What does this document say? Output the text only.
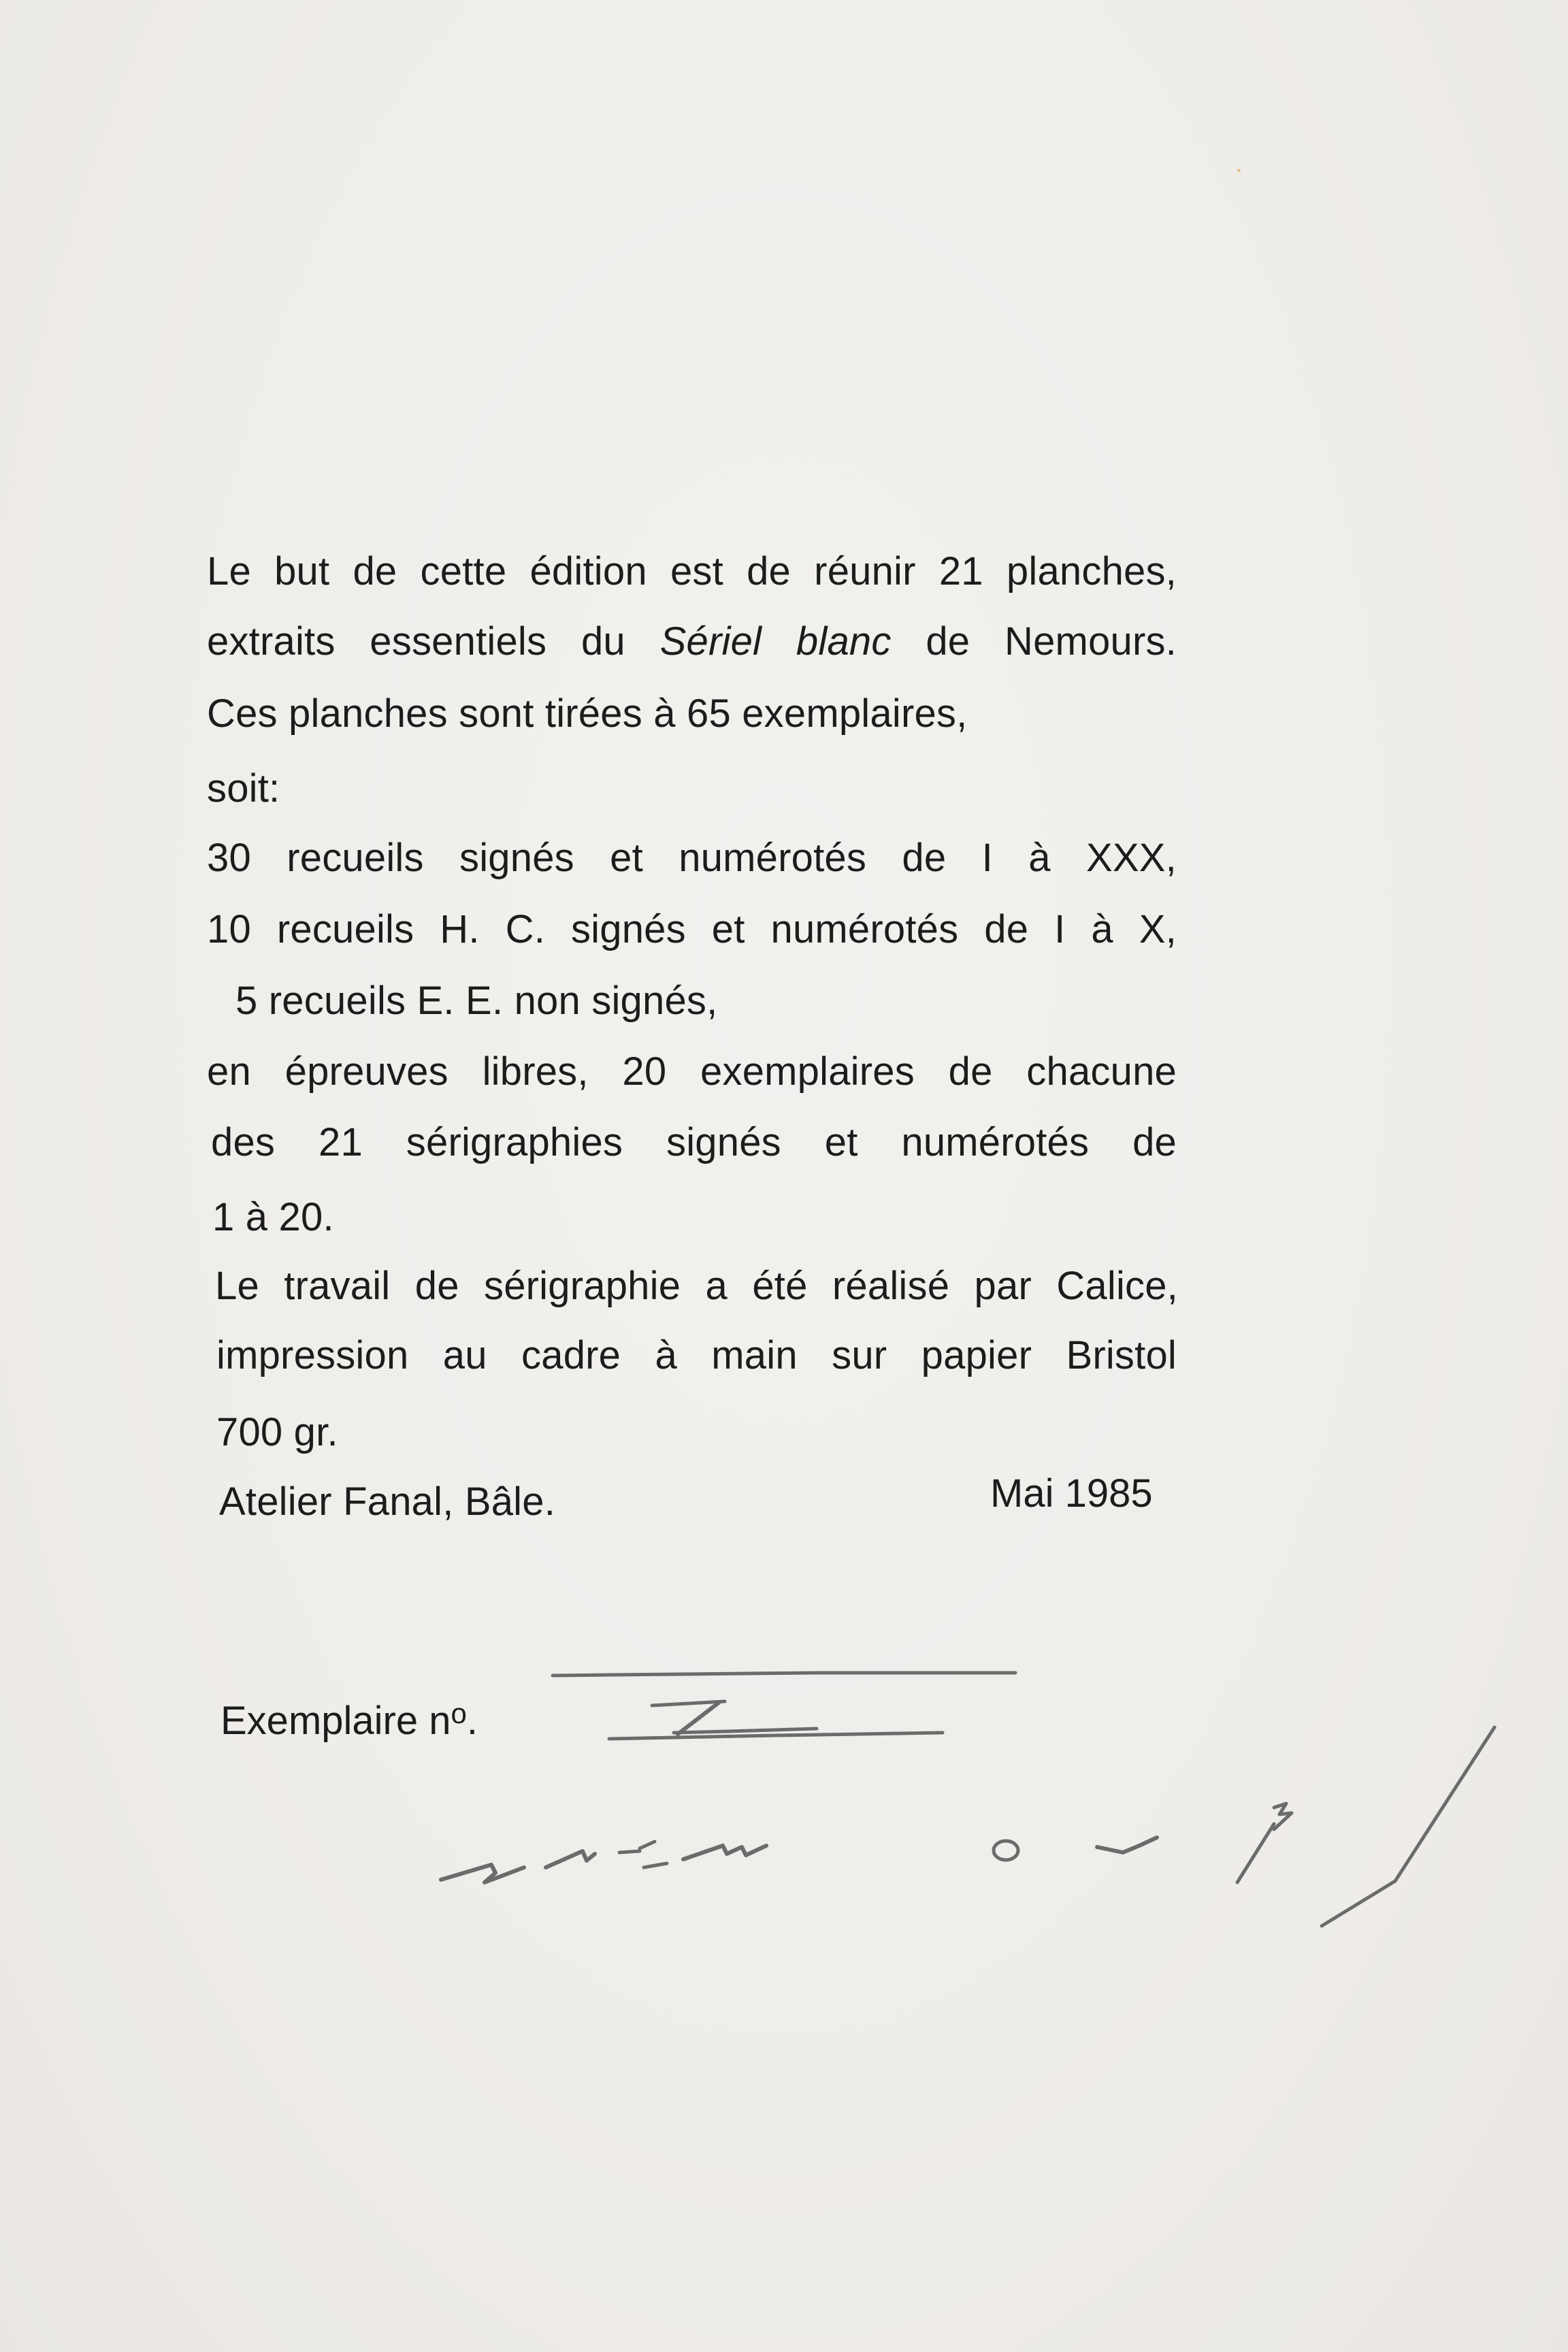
Le but de cette édition est de réunir 21 planches,
extraits essentiels du Sériel blanc de Nemours.
Ces planches sont tirées à 65 exemplaires,
soit:
30 recueils signés et numérotés de I à XXX,
10 recueils H. C. signés et numérotés de I à X,
5 recueils E. E. non signés,
en épreuves libres, 20 exemplaires de chacune
des 21 sérigraphies signés et numérotés de
1 à 20.
Le travail de sérigraphie a été réalisé par Calice,
impression au cadre à main sur papier Bristol
700 gr.
Atelier Fanal, Bâle.	Mai 1985
Exemplaire $n^o$.
